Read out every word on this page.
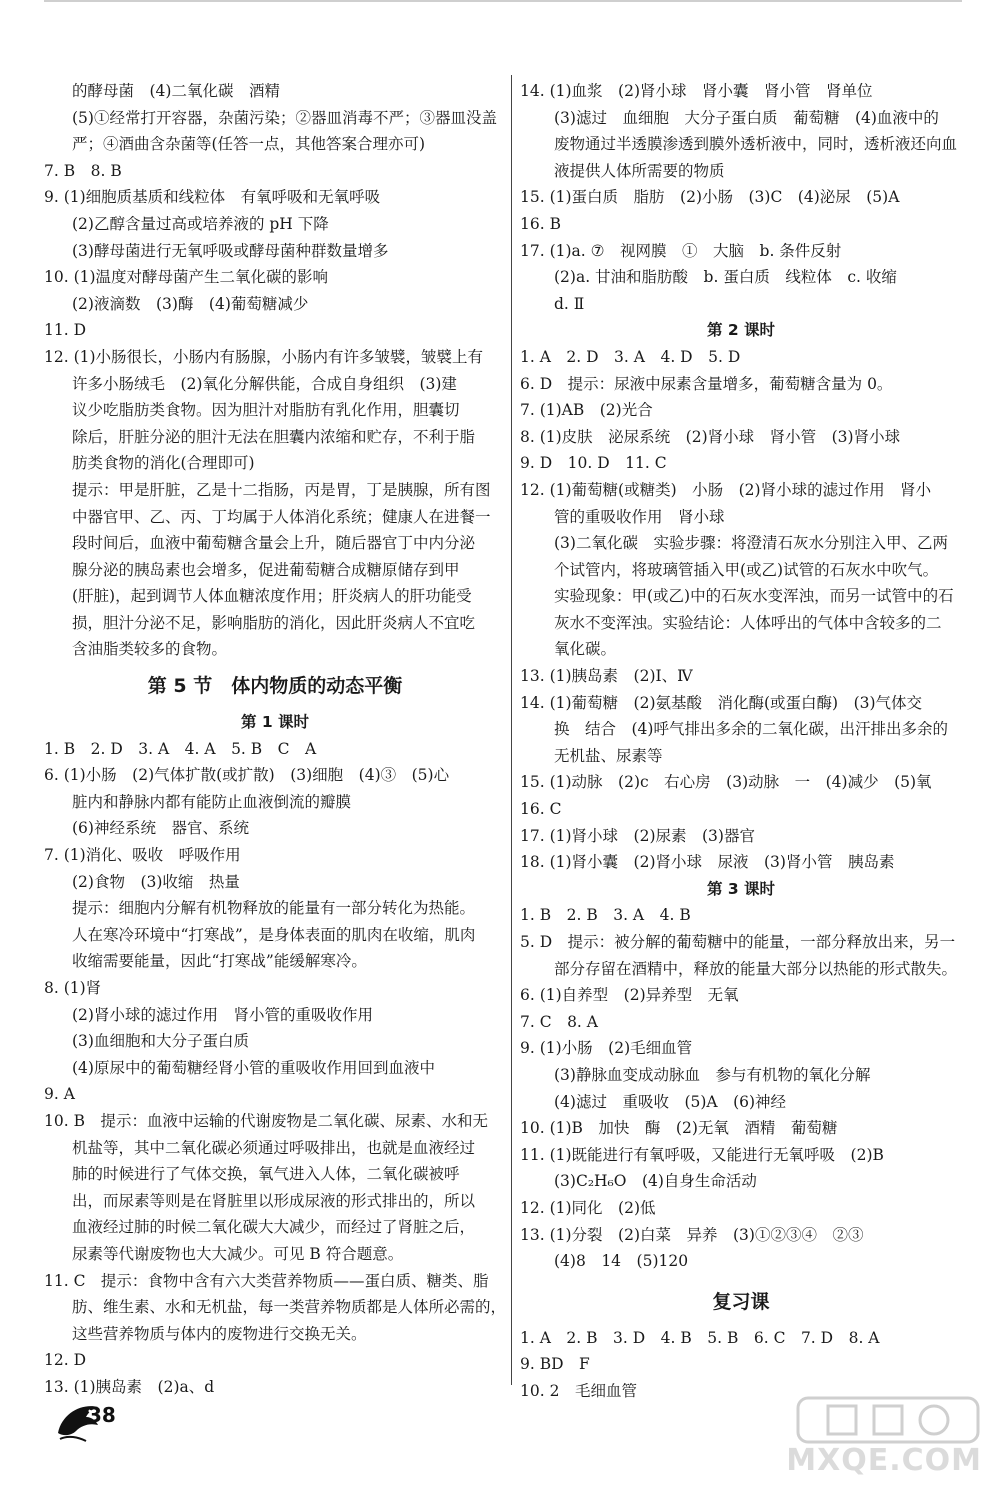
的酵母菌　(4)二氧化碳　酒精
(5)①经常打开容器，杂菌污染；②器皿消毒不严；③器皿没盖
严；④酒曲含杂菌等(任答一点，其他答案合理亦可)
7. B　8. B
9. (1)细胞质基质和线粒体　有氧呼吸和无氧呼吸
(2)乙醇含量过高或培养液的 pH 下降
(3)酵母菌进行无氧呼吸或酵母菌种群数量增多
10. (1)温度对酵母菌产生二氧化碳的影响
(2)液滴数　(3)酶　(4)葡萄糖减少
11. D
12. (1)小肠很长，小肠内有肠腺，小肠内有许多皱襞，皱襞上有
许多小肠绒毛　(2)氧化分解供能，合成自身组织　(3)建
议少吃脂肪类食物。因为胆汁对脂肪有乳化作用，胆囊切
除后，肝脏分泌的胆汁无法在胆囊内浓缩和贮存，不利于脂
肪类食物的消化(合理即可)
提示：甲是肝脏，乙是十二指肠，丙是胃，丁是胰腺，所有图
中器官甲、乙、丙、丁均属于人体消化系统；健康人在进餐一
段时间后，血液中葡萄糖含量会上升，随后器官丁中内分泌
腺分泌的胰岛素也会增多，促进葡萄糖合成糖原储存到甲
(肝脏)，起到调节人体血糖浓度作用；肝炎病人的肝功能受
损，胆汁分泌不足，影响脂肪的消化，因此肝炎病人不宜吃
含油脂类较多的食物。
第 5 节　体内物质的动态平衡
第 1 课时
1. B　2. D　3. A　4. A　5. B　C　A
6. (1)小肠　(2)气体扩散(或扩散)　(3)细胞　(4)③　(5)心
脏内和静脉内都有能防止血液倒流的瓣膜
(6)神经系统　器官、系统
7. (1)消化、吸收　呼吸作用
(2)食物　(3)收缩　热量
提示：细胞内分解有机物释放的能量有一部分转化为热能。
人在寒冷环境中“打寒战”，是身体表面的肌肉在收缩，肌肉
收缩需要能量，因此“打寒战”能缓解寒冷。
8. (1)肾
(2)肾小球的滤过作用　肾小管的重吸收作用
(3)血细胞和大分子蛋白质
(4)原尿中的葡萄糖经肾小管的重吸收作用回到血液中
9. A
10. B　提示：血液中运输的代谢废物是二氧化碳、尿素、水和无
机盐等，其中二氧化碳必须通过呼吸排出，也就是血液经过
肺的时候进行了气体交换，氧气进入人体，二氧化碳被呼
出，而尿素等则是在肾脏里以形成尿液的形式排出的，所以
血液经过肺的时候二氧化碳大大减少，而经过了肾脏之后，
尿素等代谢废物也大大减少。可见 B 符合题意。
11. C　提示：食物中含有六大类营养物质——蛋白质、糖类、脂
肪、维生素、水和无机盐，每一类营养物质都是人体所必需的，
这些营养物质与体内的废物进行交换无关。
12. D
13. (1)胰岛素　(2)a、d
14. (1)血浆　(2)肾小球　肾小囊　肾小管　肾单位
(3)滤过　血细胞　大分子蛋白质　葡萄糖　(4)血液中的
废物通过半透膜渗透到膜外透析液中，同时，透析液还向血
液提供人体所需要的物质
15. (1)蛋白质　脂肪　(2)小肠　(3)C　(4)泌尿　(5)A
16. B
17. (1)a. ⑦　视网膜　①　大脑　b. 条件反射
(2)a. 甘油和脂肪酸　b. 蛋白质　线粒体　c. 收缩
d. Ⅱ
第 2 课时
1. A　2. D　3. A　4. D　5. D
6. D　提示：尿液中尿素含量增多，葡萄糖含量为 0。
7. (1)AB　(2)光合
8. (1)皮肤　泌尿系统　(2)肾小球　肾小管　(3)肾小球
9. D　10. D　11. C
12. (1)葡萄糖(或糖类)　小肠　(2)肾小球的滤过作用　肾小
管的重吸收作用　肾小球
(3)二氧化碳　实验步骤：将澄清石灰水分别注入甲、乙两
个试管内，将玻璃管插入甲(或乙)试管的石灰水中吹气。
实验现象：甲(或乙)中的石灰水变浑浊，而另一试管中的石
灰水不变浑浊。实验结论：人体呼出的气体中含较多的二
氧化碳。
13. (1)胰岛素　(2)Ⅰ、Ⅳ
14. (1)葡萄糖　(2)氨基酸　消化酶(或蛋白酶)　(3)气体交
换　结合　(4)呼气排出多余的二氧化碳，出汗排出多余的
无机盐、尿素等
15. (1)动脉　(2)c　右心房　(3)动脉　一　(4)减少　(5)氧
16. C
17. (1)肾小球　(2)尿素　(3)器官
18. (1)肾小囊　(2)肾小球　尿液　(3)肾小管　胰岛素
第 3 课时
1. B　2. B　3. A　4. B
5. D　提示：被分解的葡萄糖中的能量，一部分释放出来，另一
部分存留在酒精中，释放的能量大部分以热能的形式散失。
6. (1)自养型　(2)异养型　无氧
7. C　8. A
9. (1)小肠　(2)毛细血管
(3)静脉血变成动脉血　参与有机物的氧化分解
(4)滤过　重吸收　(5)A　(6)神经
10. (1)B　加快　酶　(2)无氧　酒精　葡萄糖
11. (1)既能进行有氧呼吸，又能进行无氧呼吸　(2)B
(3)C₂H₆O　(4)自身生命活动
12. (1)同化　(2)低
13. (1)分裂　(2)白菜　异养　(3)①②③④　②③
(4)8　14　(5)120
复习课
1. A　2. B　3. D　4. B　5. B　6. C　7. D　8. A
9. BD　F
10. 2　毛细血管
38
MXQE.COM
